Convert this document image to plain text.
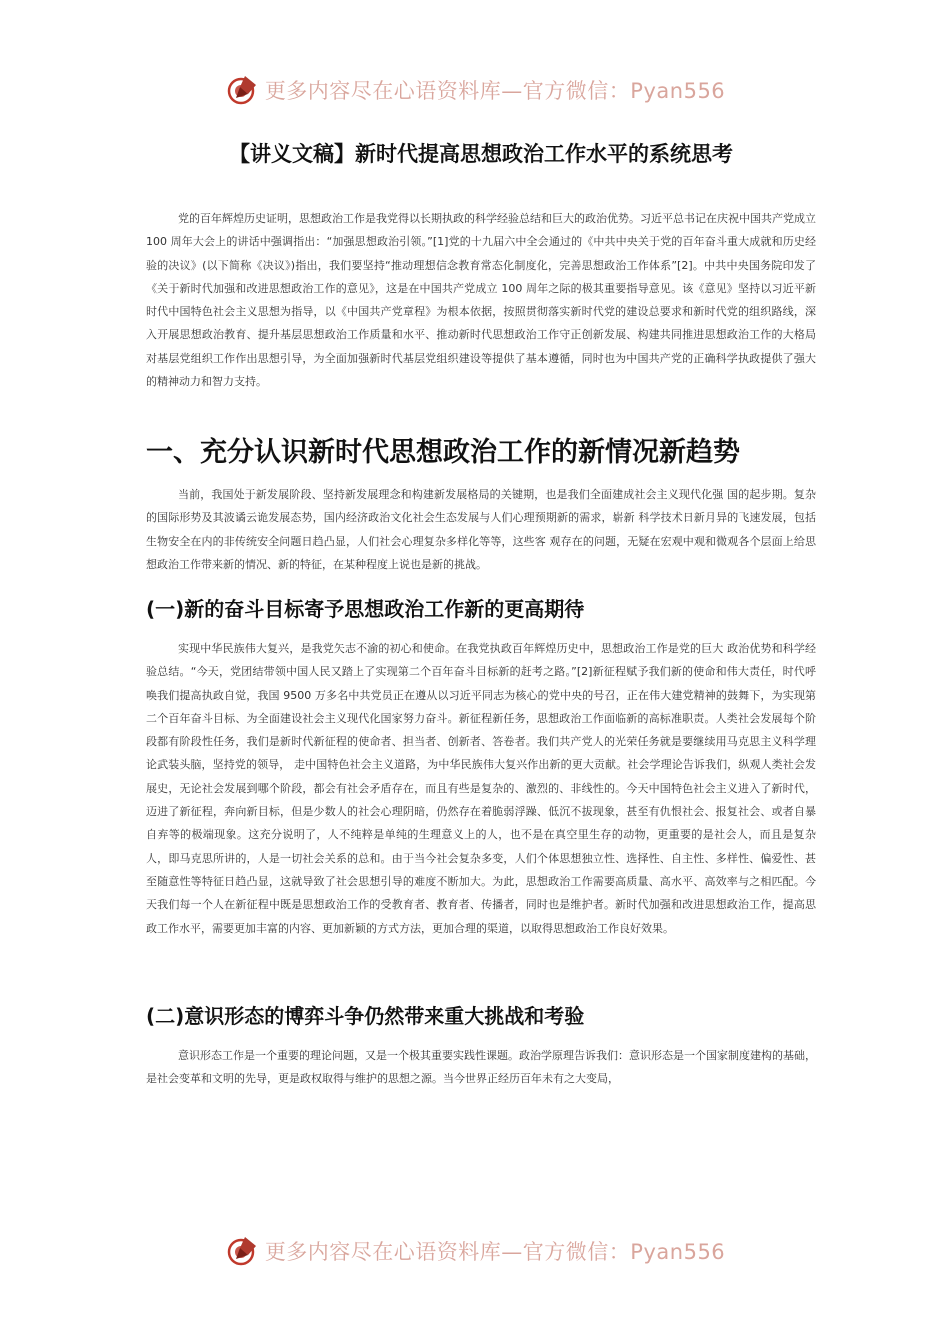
更多内容尽在心语资料库—官方微信：Pyan556
【讲义文稿】新时代提高思想政治工作水平的系统思考

党的百年辉煌历史证明，思想政治工作是我党得以长期执政的科学经验总结和巨大的政治优势。习近平总书记在庆祝中国共产党成立 100 周年大会上的讲话中强调指出：“加强思想政治引领。”[1]党的十九届六中全会通过的《中共中央关于党的百年奋斗重大成就和历史经验的决议》(以下简称《决议》)指出，我们要坚持“推动理想信念教育常态化制度化，完善思想政治工作体系”[2]。中共中央国务院印发了《关于新时代加强和改进思想政治工作的意见》，这是在中国共产党成立 100 周年之际的极其重要指导意见。该《意见》坚持以习近平新时代中国特色社会主义思想为指导，以《中国共产党章程》为根本依据，按照贯彻落实新时代党的建设总要求和新时代党的组织路线，深入开展思想政治教育、提升基层思想政治工作质量和水平、推动新时代思想政治工作守正创新发展、构建共同推进思想政治工作的大格局对基层党组织工作作出思想引导，为全面加强新时代基层党组织建设等提供了基本遵循，同时也为中国共产党的正确科学执政提供了强大的精神动力和智力支持。

一、充分认识新时代思想政治工作的新情况新趋势

当前，我国处于新发展阶段、坚持新发展理念和构建新发展格局的关键期，也是我们全面建成社会主义现代化强 国的起步期。复杂的国际形势及其波谲云诡发展态势，国内经济政治文化社会生态发展与人们心理预期新的需求，崭新 科学技术日新月异的飞速发展，包括生物安全在内的非传统安全问题日趋凸显，人们社会心理复杂多样化等等，这些客 观存在的问题，无疑在宏观中观和微观各个层面上给思想政治工作带来新的情况、新的特征，在某种程度上说也是新的挑战。

(一)新的奋斗目标寄予思想政治工作新的更高期待

实现中华民族伟大复兴，是我党矢志不渝的初心和使命。在我党执政百年辉煌历史中，思想政治工作是党的巨大 政治优势和科学经验总结。“今天，党团结带领中国人民又踏上了实现第二个百年奋斗目标新的赶考之路。”[2]新征程赋予我们新的使命和伟大责任，时代呼唤我们提高执政自觉，我国 9500 万多名中共党员正在遵从以习近平同志为核心的党中央的号召，正在伟大建党精神的鼓舞下，为实现第二个百年奋斗目标、为全面建设社会主义现代化国家努力奋斗。新征程新任务，思想政治工作面临新的高标准职责。人类社会发展每个阶段都有阶段性任务，我们是新时代新征程的使命者、担当者、创新者、答卷者。我们共产党人的光荣任务就是要继续用马克思主义科学理论武装头脑，坚持党的领导， 走中国特色社会主义道路，为中华民族伟大复兴作出新的更大贡献。社会学理论告诉我们，纵观人类社会发展史，无论社会发展到哪个阶段，都会有社会矛盾存在，而且有些是复杂的、激烈的、非线性的。今天中国特色社会主义进入了新时代，迈进了新征程，奔向新目标，但是少数人的社会心理阴暗，仍然存在着脆弱浮躁、低沉不拔现象，甚至有仇恨社会、报复社会、或者自暴自弃等的极端现象。这充分说明了，人不纯粹是单纯的生理意义上的人，也不是在真空里生存的动物，更重要的是社会人，而且是复杂人，即马克思所讲的，人是一切社会关系的总和。由于当今社会复杂多变，人们个体思想独立性、选择性、自主性、多样性、偏爱性、甚至随意性等特征日趋凸显，这就导致了社会思想引导的难度不断加大。为此，思想政治工作需要高质量、高水平、高效率与之相匹配。今天我们每一个人在新征程中既是思想政治工作的受教育者、教育者、传播者，同时也是维护者。新时代加强和改进思想政治工作，提高思政工作水平，需要更加丰富的内容、更加新颖的方式方法，更加合理的渠道，以取得思想政治工作良好效果。

(二)意识形态的博弈斗争仍然带来重大挑战和考验

意识形态工作是一个重要的理论问题，又是一个极其重要实践性课题。政治学原理告诉我们：意识形态是一个国家制度建构的基础，是社会变革和文明的先导，更是政权取得与维护的思想之源。当今世界正经历百年未有之大变局，

更多内容尽在心语资料库—官方微信：Pyan556
